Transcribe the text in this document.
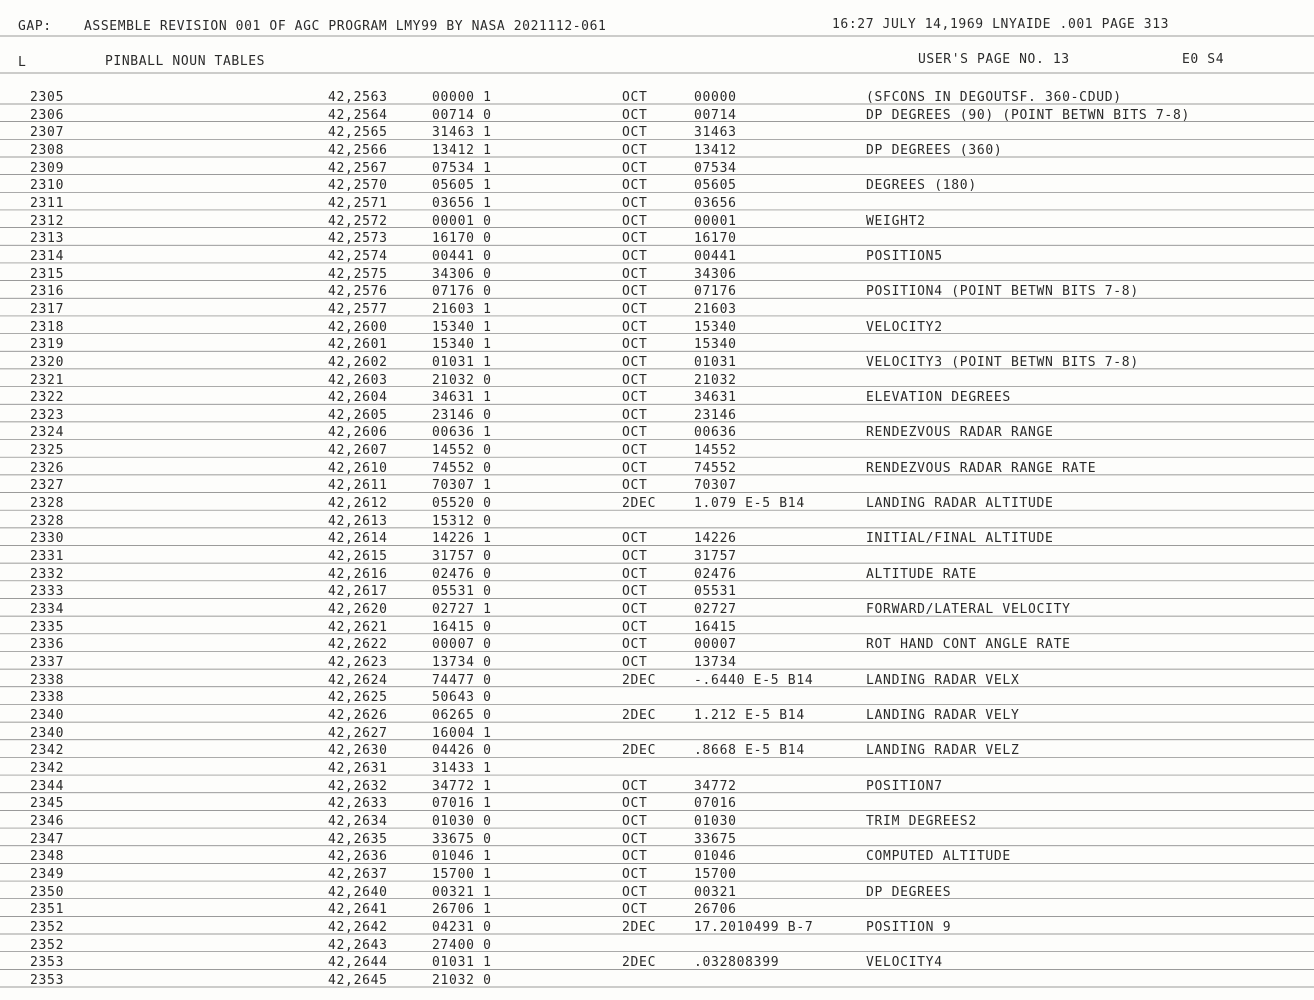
GAP: ASSEMBLE REVISION 001 OF AGC PROGRAM LMY99 BY NASA 2021112-061	16:27 JULY 14,1969 LNYAIDE .001 PAGE 313
L	PINBALL NOUN TABLES	USER'S PAGE NO. 13	E0 S4
2305	42,2563	00000 1	OCT	00000	(SFCONS IN DEGOUTSF. 360-CDUD)
2306	42,2564	00714 0	OCT	00714	DP DEGREES (90) (POINT BETWN BITS 7-8)
2307	42,2565	31463 1	OCT	31463
2308	42,2566	13412 1	OCT	13412	DP DEGREES (360)
2309	42,2567	07534 1	OCT	07534
2310	42,2570	05605 1	OCT	05605	DEGREES (180)
2311	42,2571	03656 1	OCT	03656
2312	42,2572	00001 0	OCT	00001	WEIGHT2
2313	42,2573	16170 0	OCT	16170
2314	42,2574	00441 0	OCT	00441	POSITION5
2315	42,2575	34306 0	OCT	34306
2316	42,2576	07176 0	OCT	07176	POSITION4 (POINT BETWN BITS 7-8)
2317	42,2577	21603 1	OCT	21603
2318	42,2600	15340 1	OCT	15340	VELOCITY2
2319	42,2601	15340 1	OCT	15340
2320	42,2602	01031 1	OCT	01031	VELOCITY3 (POINT BETWN BITS 7-8)
2321	42,2603	21032 0	OCT	21032
2322	42,2604	34631 1	OCT	34631	ELEVATION DEGREES
2323	42,2605	23146 0	OCT	23146
2324	42,2606	00636 1	OCT	00636	RENDEZVOUS RADAR RANGE
2325	42,2607	14552 0	OCT	14552
2326	42,2610	74552 0	OCT	74552	RENDEZVOUS RADAR RANGE RATE
2327	42,2611	70307 1	OCT	70307
2328	42,2612	05520 0	2DEC	1.079 E-5 B14	LANDING RADAR ALTITUDE
2328	42,2613	15312 0
2330	42,2614	14226 1	OCT	14226	INITIAL/FINAL ALTITUDE
2331	42,2615	31757 0	OCT	31757
2332	42,2616	02476 0	OCT	02476	ALTITUDE RATE
2333	42,2617	05531 0	OCT	05531
2334	42,2620	02727 1	OCT	02727	FORWARD/LATERAL VELOCITY
2335	42,2621	16415 0	OCT	16415
2336	42,2622	00007 0	OCT	00007	ROT HAND CONT ANGLE RATE
2337	42,2623	13734 0	OCT	13734
2338	42,2624	74477 0	2DEC	-.6440 E-5 B14	LANDING RADAR VELX
2338	42,2625	50643 0
2340	42,2626	06265 0	2DEC	1.212 E-5 B14	LANDING RADAR VELY
2340	42,2627	16004 1
2342	42,2630	04426 0	2DEC	.8668 E-5 B14	LANDING RADAR VELZ
2342	42,2631	31433 1
2344	42,2632	34772 1	OCT	34772	POSITION7
2345	42,2633	07016 1	OCT	07016
2346	42,2634	01030 0	OCT	01030	TRIM DEGREES2
2347	42,2635	33675 0	OCT	33675
2348	42,2636	01046 1	OCT	01046	COMPUTED ALTITUDE
2349	42,2637	15700 1	OCT	15700
2350	42,2640	00321 1	OCT	00321	DP DEGREES
2351	42,2641	26706 1	OCT	26706
2352	42,2642	04231 0	2DEC	17.2010499 B-7	POSITION 9
2352	42,2643	27400 0
2353	42,2644	01031 1	2DEC	.032808399	VELOCITY4
2353	42,2645	21032 0
